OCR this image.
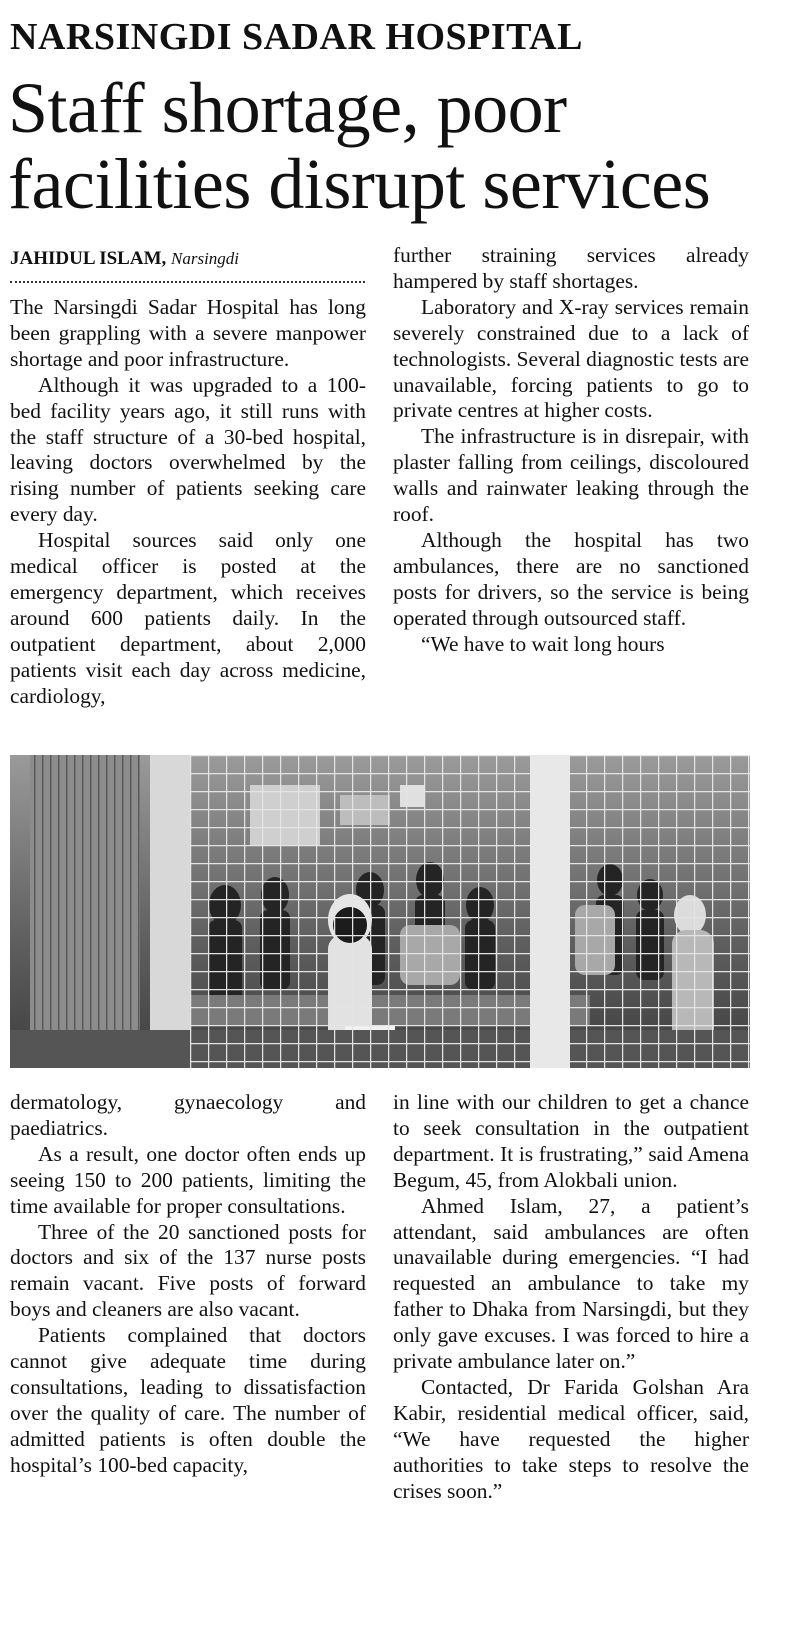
NARSINGDI SADAR HOSPITAL
Staff shortage, poor facilities disrupt services
JAHIDUL ISLAM, Narsingdi

The Narsingdi Sadar Hospital has long been grappling with a severe manpower shortage and poor infrastructure.

Although it was upgraded to a 100-bed facility years ago, it still runs with the staff structure of a 30-bed hospital, leaving doctors overwhelmed by the rising number of patients seeking care every day.

Hospital sources said only one medical officer is posted at the emergency department, which receives around 600 patients daily. In the outpatient department, about 2,000 patients visit each day across medicine, cardiology,

further straining services already hampered by staff shortages.

Laboratory and X-ray services remain severely constrained due to a lack of technologists. Several diagnostic tests are unavailable, forcing patients to go to private centres at higher costs.

The infrastructure is in disrepair, with plaster falling from ceilings, discoloured walls and rainwater leaking through the roof.

Although the hospital has two ambulances, there are no sanctioned posts for drivers, so the service is being operated through outsourced staff.

“We have to wait long hours

dermatology, gynaecology and paediatrics.

As a result, one doctor often ends up seeing 150 to 200 patients, limiting the time available for proper consultations.

Three of the 20 sanctioned posts for doctors and six of the 137 nurse posts remain vacant. Five posts of forward boys and cleaners are also vacant.

Patients complained that doctors cannot give adequate time during consultations, leading to dissatisfaction over the quality of care. The number of admitted patients is often double the hospital’s 100-bed capacity,

in line with our children to get a chance to seek consultation in the outpatient department. It is frustrating,” said Amena Begum, 45, from Alokbali union.

Ahmed Islam, 27, a patient’s attendant, said ambulances are often unavailable during emergencies. “I had requested an ambulance to take my father to Dhaka from Narsingdi, but they only gave excuses. I was forced to hire a private ambulance later on.”

Contacted, Dr Farida Golshan Ara Kabir, residential medical officer, said, “We have requested the higher authorities to take steps to resolve the crises soon.”
